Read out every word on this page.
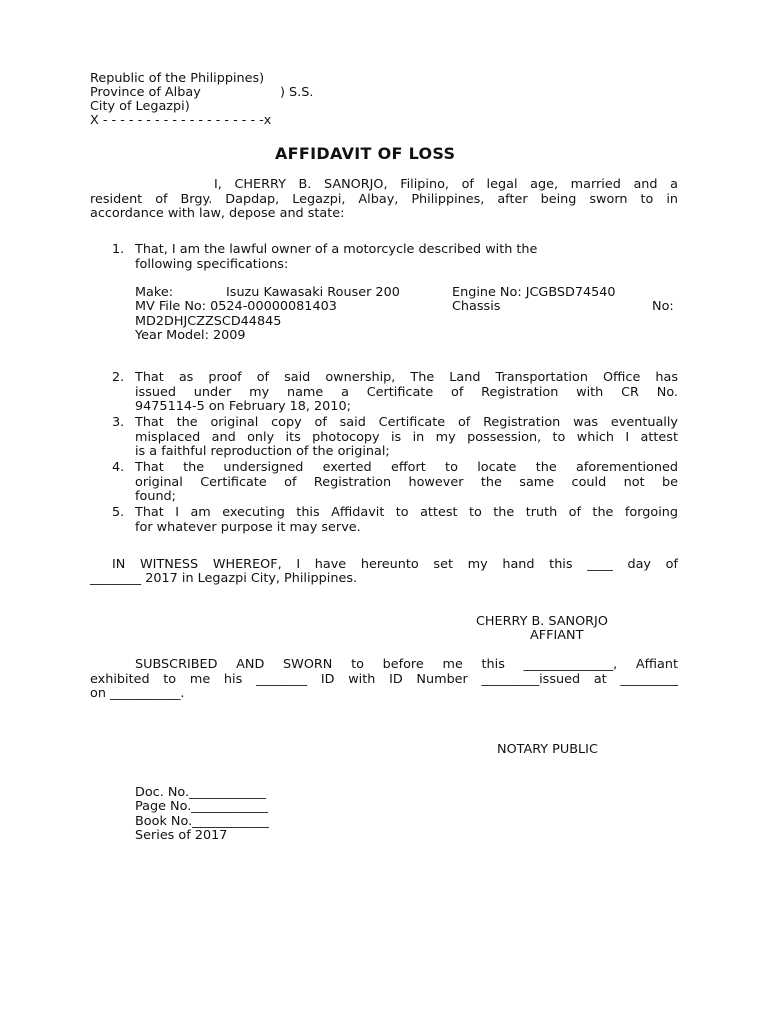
Republic of the Philippines)
Province of Albay	) S.S.
City of Legazpi)
X - - - - - - - - - - - - - - - - - - -x
AFFIDAVIT OF LOSS
I, CHERRY B. SANORJO, Filipino, of legal age, married and a
resident of Brgy. Dapdap, Legazpi, Albay, Philippines, after being sworn to in
accordance with law, depose and state:
1. That, I am the lawful owner of a motorcycle described with the
following specifications:
Make:	Isuzu Kawasaki Rouser 200	Engine No: JCGBSD74540
MV File No: 0524-00000081403	Chassis	No:
MD2DHJCZZSCD44845
Year Model: 2009
2. That as proof of said ownership, The Land Transportation Office has
issued under my name a Certificate of Registration with CR No.
9475114-5 on February 18, 2010;
3. That the original copy of said Certificate of Registration was eventually
misplaced and only its photocopy is in my possession, to which I attest
is a faithful reproduction of the original;
4. That the undersigned exerted effort to locate the aforementioned
original Certificate of Registration however the same could not be
found;
5. That I am executing this Affidavit to attest to the truth of the forgoing
for whatever purpose it may serve.
IN WITNESS WHEREOF, I have hereunto set my hand this ____ day of
________ 2017 in Legazpi City, Philippines.
CHERRY B. SANORJO
AFFIANT
SUBSCRIBED AND SWORN to before me this ______________, Affiant
exhibited to me his ________ ID with ID Number _________issued at _________
on ___________.
NOTARY PUBLIC
Doc. No.____________
Page No.____________
Book No.____________
Series of 2017
